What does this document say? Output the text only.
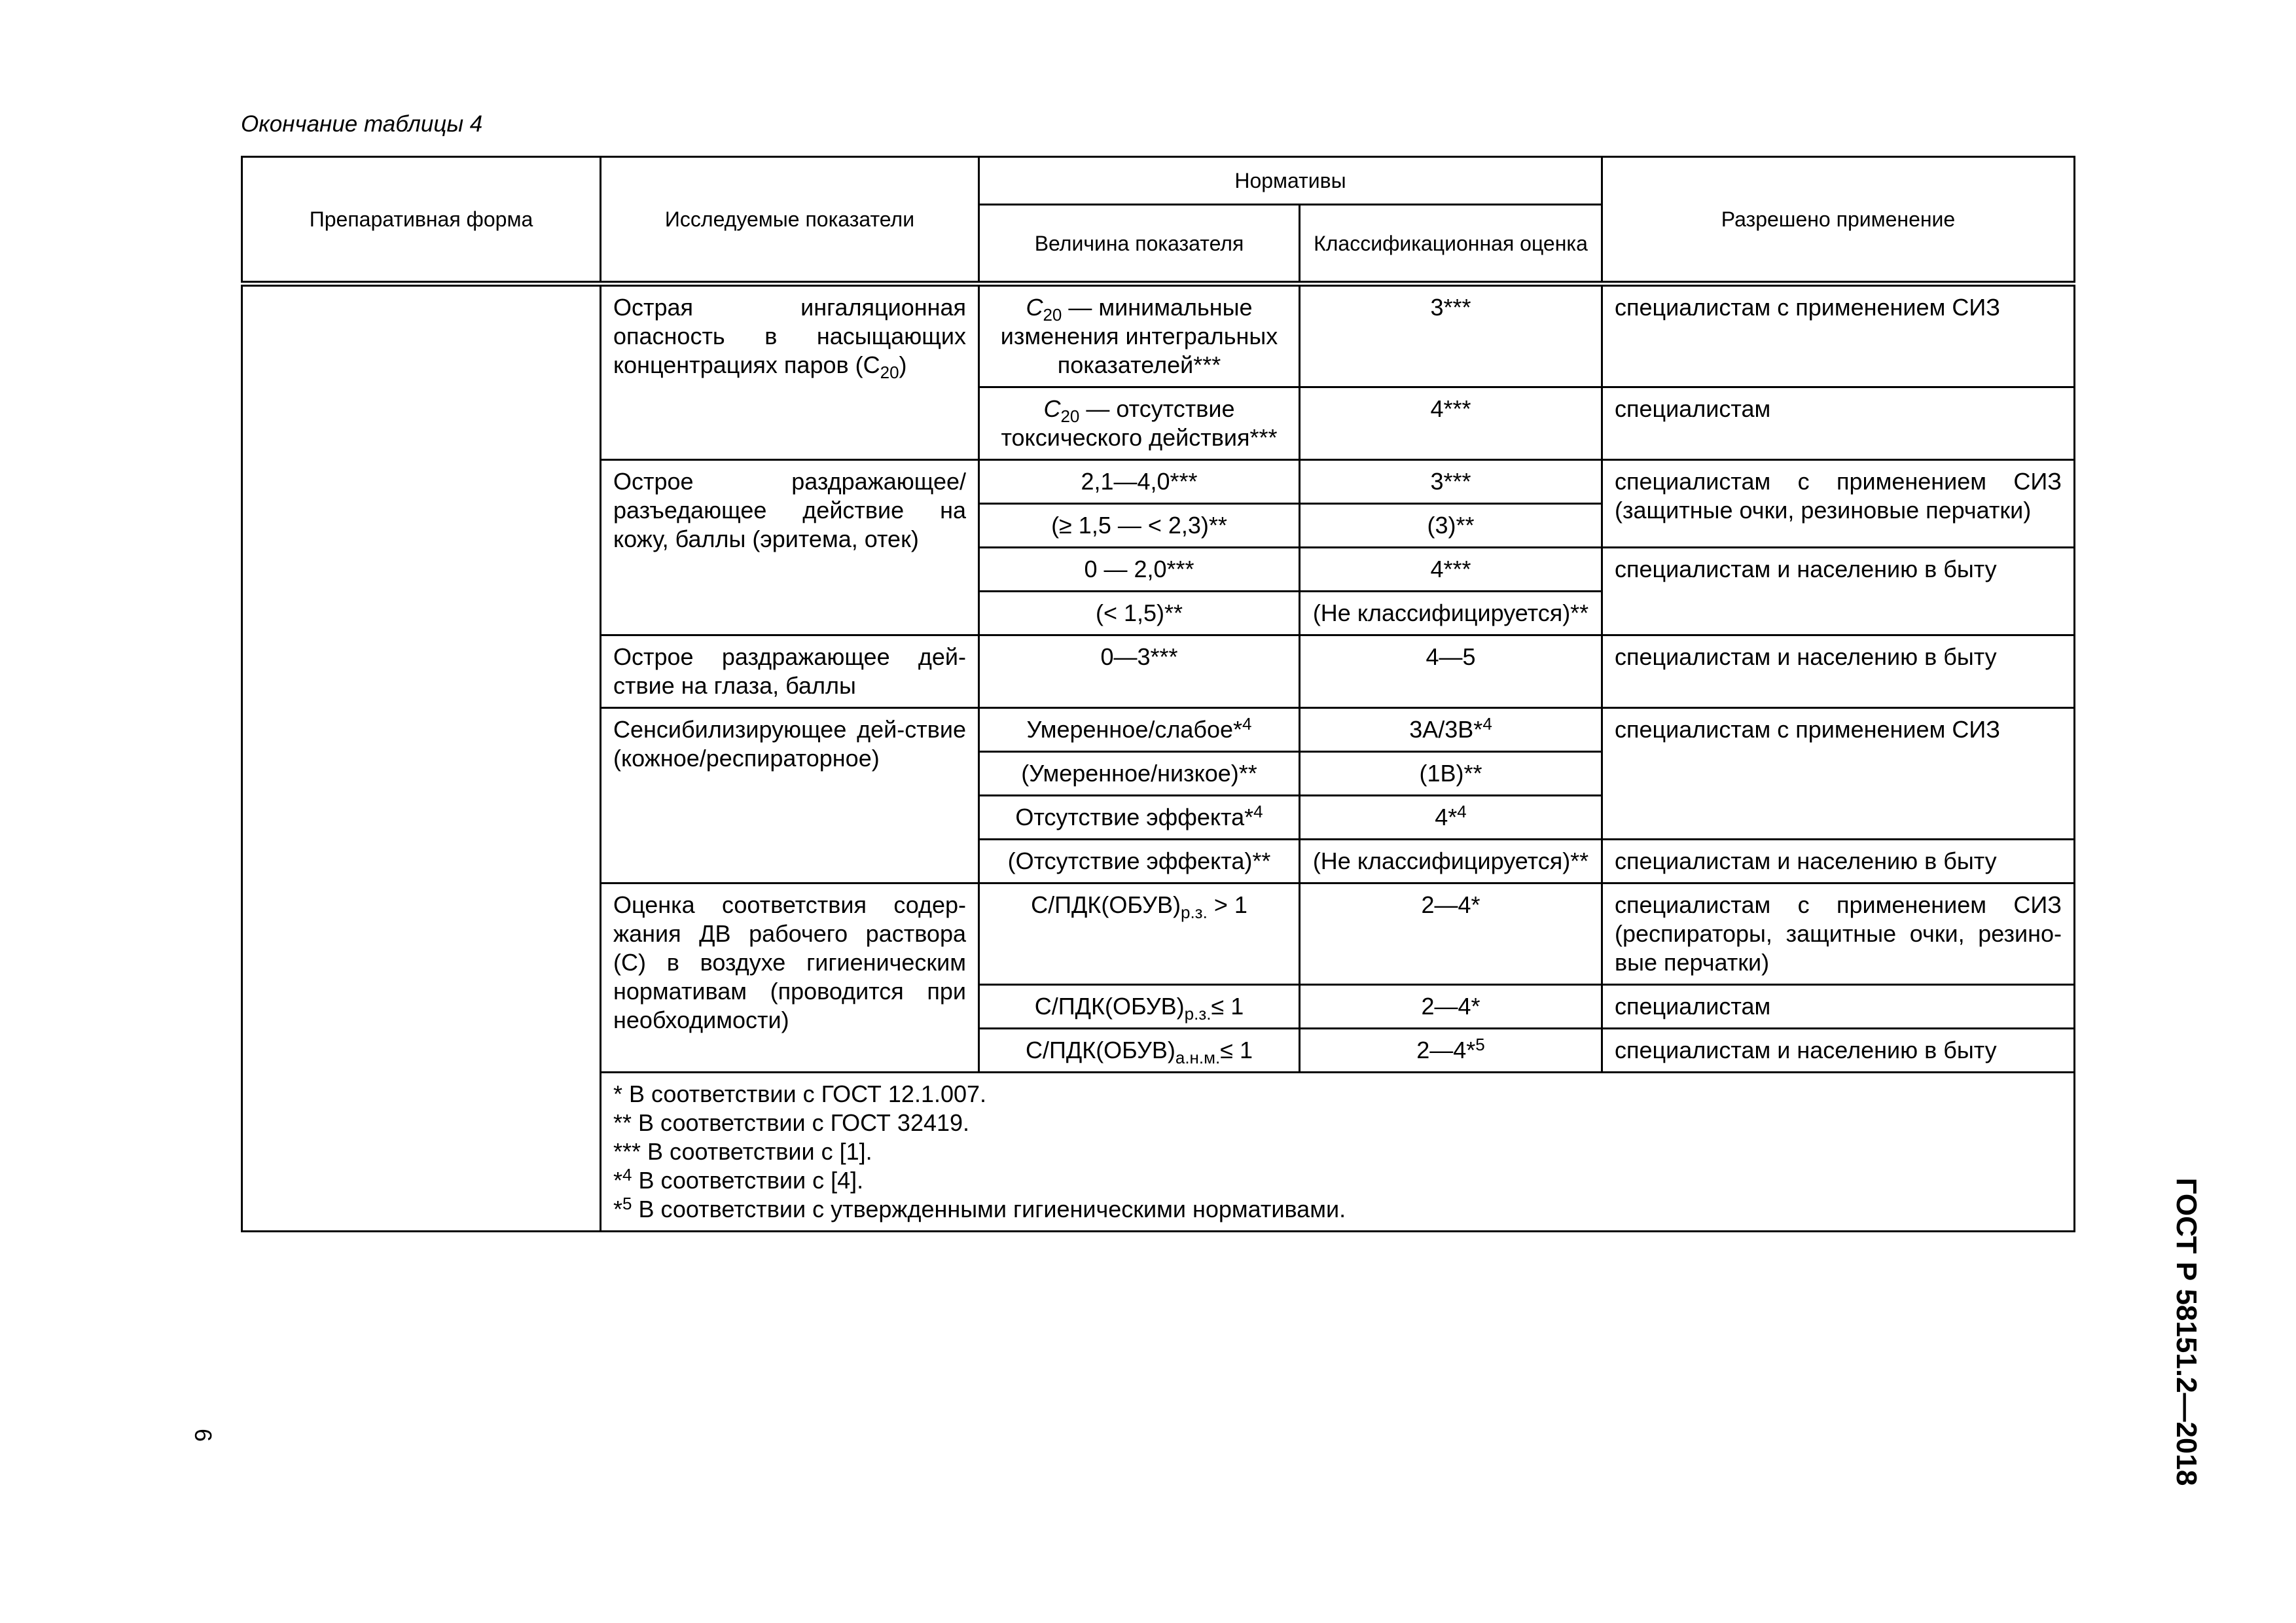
Окончание таблицы 4
Препаративная форма	Исследуемые показатели	Нормативы		Разрешено применение
		Величина показателя	Классификационная оценка	
	Острая ингаляционная опасность в насыщающих концентрациях паров $(C_{20})$	$C_{20}$ — минимальные изменения интегральных показателей***	3***	специалистам с применением СИЗ
		$C_{20}$ — отсутствие токсического действия***	4***	специалистам
	Острое раздражающее/ разъедающее действие на кожу, баллы (эритема, отек)	2,1—4,0***	3***	специалистам с применением СИЗ (защитные очки, резиновые перчатки)
		(≥ 1,5 — < 2,3)**	(3)**	
		0 — 2,0***	4***	специалистам и населению в быту
		(< 1,5)**	(Не классифицируется)**	
	Острое раздражающее дей-ствие на глаза, баллы	0—3***	4—5	специалистам и населению в быту
	Сенсибилизирующее дей-ствие (кожное/респираторное)	Умеренное/слабое*$^4$	3А/3В*$^4$	специалистам с применением СИЗ
		(Умеренное/низкое)**	(1В)**	
		Отсутствие эффекта*$^4$	4*$^4$
		(Отсутствие эффекта)**	(Не классифицируется)**	специалистам и населению в быту
	Оценка соответствия содер-жания ДВ рабочего раствора (С) в воздухе гигиеническим нормативам (проводится при необходимости)	$С/ПДК(ОБУВ)_{р.з.} > 1$	2—4*	специалистам с применением СИЗ (респираторы, защитные очки, резино-вые перчатки)
		$С/ПДК(ОБУВ)_{р.з.}\le 1$	2—4*	специалистам
		$С/ПДК(ОБУВ)_{а.н.м.}\le 1$	2—4*$^5$	специалистам и населению в быту

	* В соответствии с ГОСТ 12.1.007.
** В соответствии с ГОСТ 32419.
*** В соответствии с [1].
*$^4$ В соответствии с [4].
*$^5$ В соответствии с утвержденными гигиеническими нормативами.			
6	ГОСТ Р 58151.2—2018
